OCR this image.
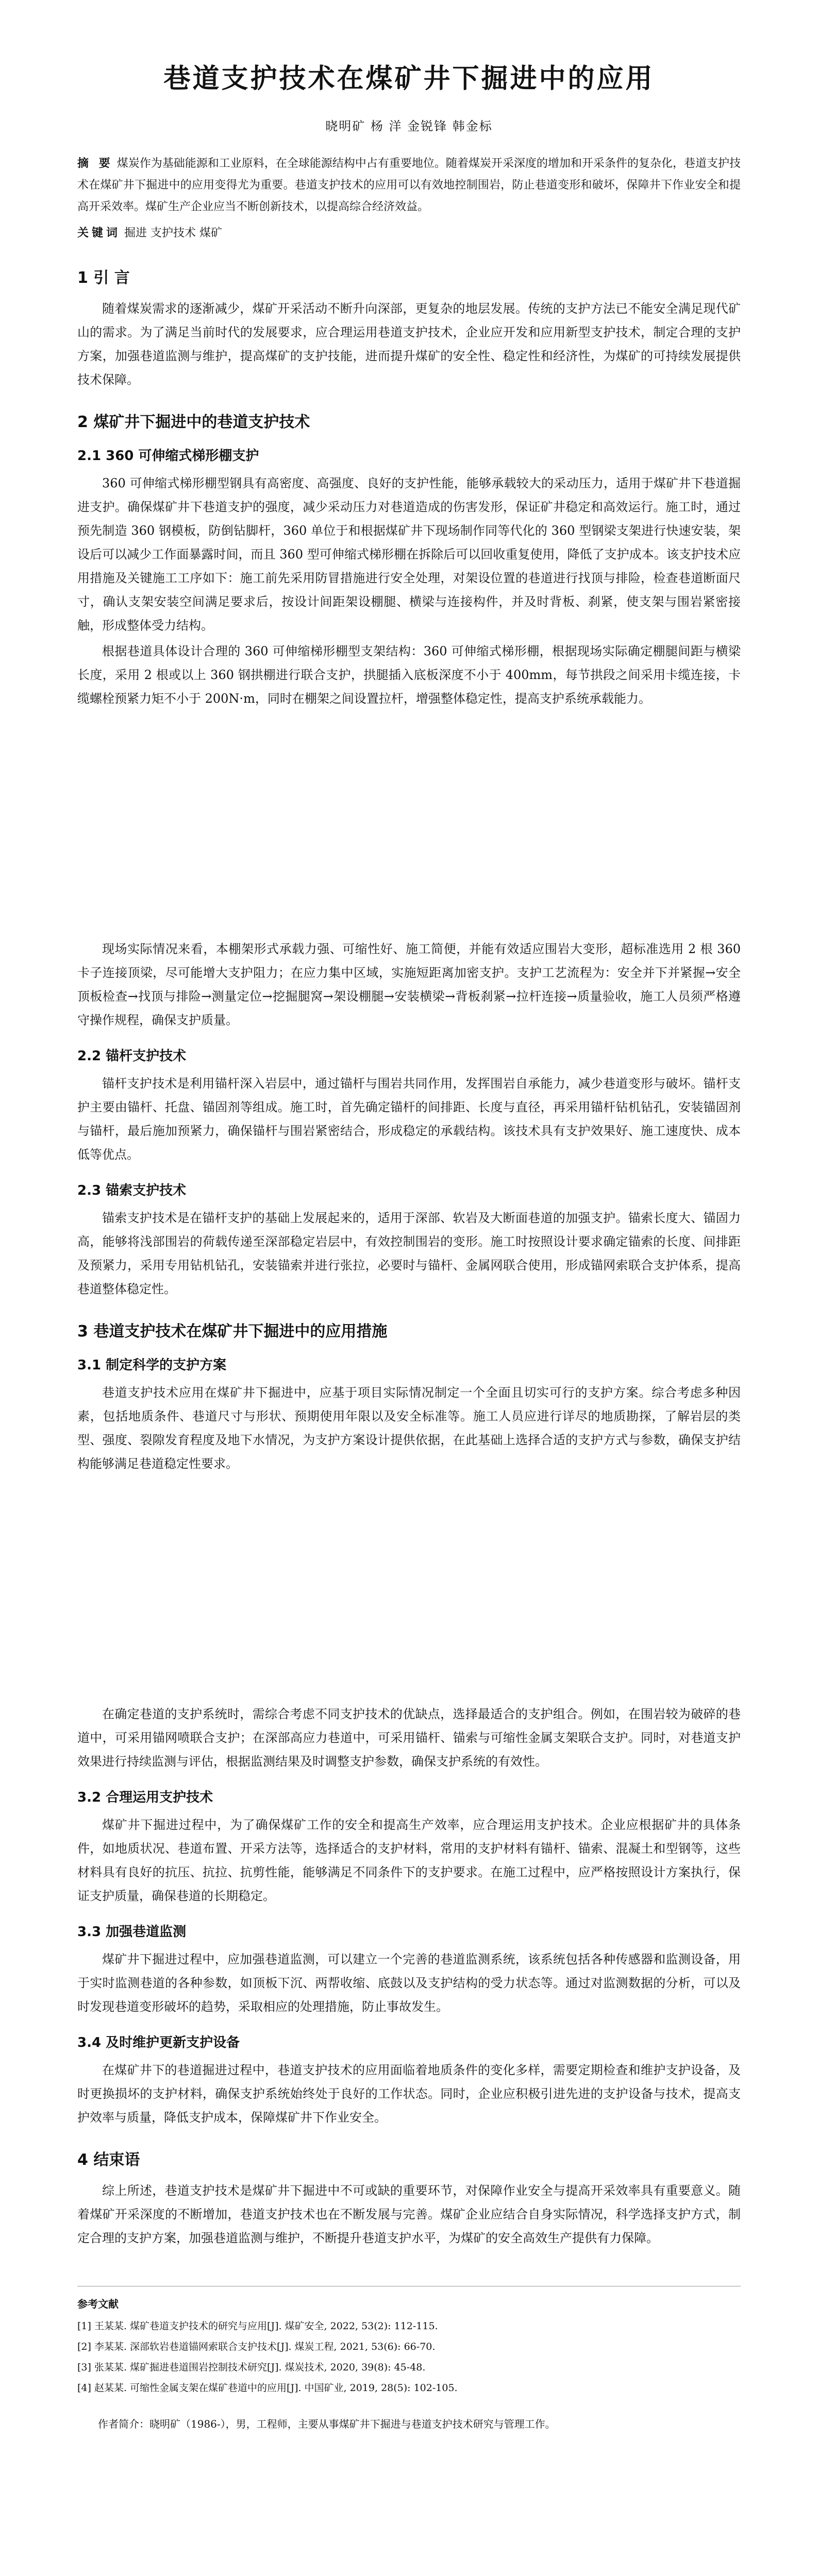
巷道支护技术在煤矿井下掘进中的应用
晓明矿 杨 洋 金锐锋 韩金标
摘 要 煤炭作为基础能源和工业原料，在全球能源结构中占有重要地位。随着煤炭开采深度的增加和开采条件的复杂化，巷道支护技术在煤矿井下掘进中的应用变得尤为重要。巷道支护技术的应用可以有效地控制围岩，防止巷道变形和破坏，保障井下作业安全和提高开采效率。煤矿生产企业应当不断创新技术，以提高综合经济效益。
关键词 掘进 支护技术 煤矿
1 引 言
随着煤炭需求的逐渐减少，煤矿开采活动不断升向深部，更复杂的地层发展。传统的支护方法已不能安全满足现代矿山的需求。为了满足当前时代的发展要求，应合理运用巷道支护技术，企业应开发和应用新型支护技术，制定合理的支护方案，加强巷道监测与维护，提高煤矿的支护技能，进而提升煤矿的安全性、稳定性和经济性，为煤矿的可持续发展提供技术保障。
2 煤矿井下掘进中的巷道支护技术
2.1 360 可伸缩式梯形棚支护
360 可伸缩式梯形棚型钢具有高密度、高强度、良好的支护性能，能够承载较大的采动压力，适用于煤矿井下巷道掘进支护。确保煤矿井下巷道支护的强度，减少采动压力对巷道造成的伤害发形，保证矿井稳定和高效运行。施工时，通过预先制造 360 钢模板，防倒钻脚杆，360 单位于和根据煤矿井下现场制作同等代化的 360 型钢梁支架进行快速安装，架设后可以减少工作面暴露时间，而且 360 型可伸缩式梯形棚在拆除后可以回收重复使用，降低了支护成本。该支护技术应用措施及关键施工工序如下：施工前先采用防冒措施进行安全处理，对架设位置的巷道进行找顶与排险，检查巷道断面尺寸，确认支架安装空间满足要求后，按设计间距架设棚腿、横梁与连接构件，并及时背板、刹紧，使支架与围岩紧密接触，形成整体受力结构。
根据巷道具体设计合理的 360 可伸缩梯形棚型支架结构：360 可伸缩式梯形棚，根据现场实际确定棚腿间距与横梁长度，采用 2 根或以上 360 钢拱棚进行联合支护，拱腿插入底板深度不小于 400mm，每节拱段之间采用卡缆连接，卡缆螺栓预紧力矩不小于 200N·m，同时在棚架之间设置拉杆，增强整体稳定性，提高支护系统承载能力。
现场实际情况来看，本棚架形式承载力强、可缩性好、施工简便，并能有效适应围岩大变形，超标准选用 2 根 360 卡子连接顶梁，尽可能增大支护阻力；在应力集中区域，实施短距离加密支护。支护工艺流程为：安全并下并紧握→安全顶板检查→找顶与排险→测量定位→挖掘腿窝→架设棚腿→安装横梁→背板刹紧→拉杆连接→质量验收，施工人员须严格遵守操作规程，确保支护质量。
2.2 锚杆支护技术
锚杆支护技术是利用锚杆深入岩层中，通过锚杆与围岩共同作用，发挥围岩自承能力，减少巷道变形与破坏。锚杆支护主要由锚杆、托盘、锚固剂等组成。施工时，首先确定锚杆的间排距、长度与直径，再采用锚杆钻机钻孔，安装锚固剂与锚杆，最后施加预紧力，确保锚杆与围岩紧密结合，形成稳定的承载结构。该技术具有支护效果好、施工速度快、成本低等优点。
2.3 锚索支护技术
锚索支护技术是在锚杆支护的基础上发展起来的，适用于深部、软岩及大断面巷道的加强支护。锚索长度大、锚固力高，能够将浅部围岩的荷载传递至深部稳定岩层中，有效控制围岩的变形。施工时按照设计要求确定锚索的长度、间排距及预紧力，采用专用钻机钻孔，安装锚索并进行张拉，必要时与锚杆、金属网联合使用，形成锚网索联合支护体系，提高巷道整体稳定性。
3 巷道支护技术在煤矿井下掘进中的应用措施
3.1 制定科学的支护方案
巷道支护技术应用在煤矿井下掘进中，应基于项目实际情况制定一个全面且切实可行的支护方案。综合考虑多种因素，包括地质条件、巷道尺寸与形状、预期使用年限以及安全标准等。施工人员应进行详尽的地质勘探，了解岩层的类型、强度、裂隙发育程度及地下水情况，为支护方案设计提供依据，在此基础上选择合适的支护方式与参数，确保支护结构能够满足巷道稳定性要求。
在确定巷道的支护系统时，需综合考虑不同支护技术的优缺点，选择最适合的支护组合。例如，在围岩较为破碎的巷道中，可采用锚网喷联合支护；在深部高应力巷道中，可采用锚杆、锚索与可缩性金属支架联合支护。同时，对巷道支护效果进行持续监测与评估，根据监测结果及时调整支护参数，确保支护系统的有效性。
3.2 合理运用支护技术
煤矿井下掘进过程中，为了确保煤矿工作的安全和提高生产效率，应合理运用支护技术。企业应根据矿井的具体条件，如地质状况、巷道布置、开采方法等，选择适合的支护材料，常用的支护材料有锚杆、锚索、混凝土和型钢等，这些材料具有良好的抗压、抗拉、抗剪性能，能够满足不同条件下的支护要求。在施工过程中，应严格按照设计方案执行，保证支护质量，确保巷道的长期稳定。
3.3 加强巷道监测
煤矿井下掘进过程中，应加强巷道监测，可以建立一个完善的巷道监测系统，该系统包括各种传感器和监测设备，用于实时监测巷道的各种参数，如顶板下沉、两帮收缩、底鼓以及支护结构的受力状态等。通过对监测数据的分析，可以及时发现巷道变形破坏的趋势，采取相应的处理措施，防止事故发生。
3.4 及时维护更新支护设备
在煤矿井下的巷道掘进过程中，巷道支护技术的应用面临着地质条件的变化多样，需要定期检查和维护支护设备，及时更换损坏的支护材料，确保支护系统始终处于良好的工作状态。同时，企业应积极引进先进的支护设备与技术，提高支护效率与质量，降低支护成本，保障煤矿井下作业安全。
4 结束语
综上所述，巷道支护技术是煤矿井下掘进中不可或缺的重要环节，对保障作业安全与提高开采效率具有重要意义。随着煤矿开采深度的不断增加，巷道支护技术也在不断发展与完善。煤矿企业应结合自身实际情况，科学选择支护方式，制定合理的支护方案，加强巷道监测与维护，不断提升巷道支护水平，为煤矿的安全高效生产提供有力保障。
参考文献
[1] 王某某. 煤矿巷道支护技术的研究与应用[J]. 煤矿安全, 2022, 53(2): 112-115.
[2] 李某某. 深部软岩巷道锚网索联合支护技术[J]. 煤炭工程, 2021, 53(6): 66-70.
[3] 张某某. 煤矿掘进巷道围岩控制技术研究[J]. 煤炭技术, 2020, 39(8): 45-48.
[4] 赵某某. 可缩性金属支架在煤矿巷道中的应用[J]. 中国矿业, 2019, 28(5): 102-105.
作者简介：晓明矿（1986-），男，工程师，主要从事煤矿井下掘进与巷道支护技术研究与管理工作。
